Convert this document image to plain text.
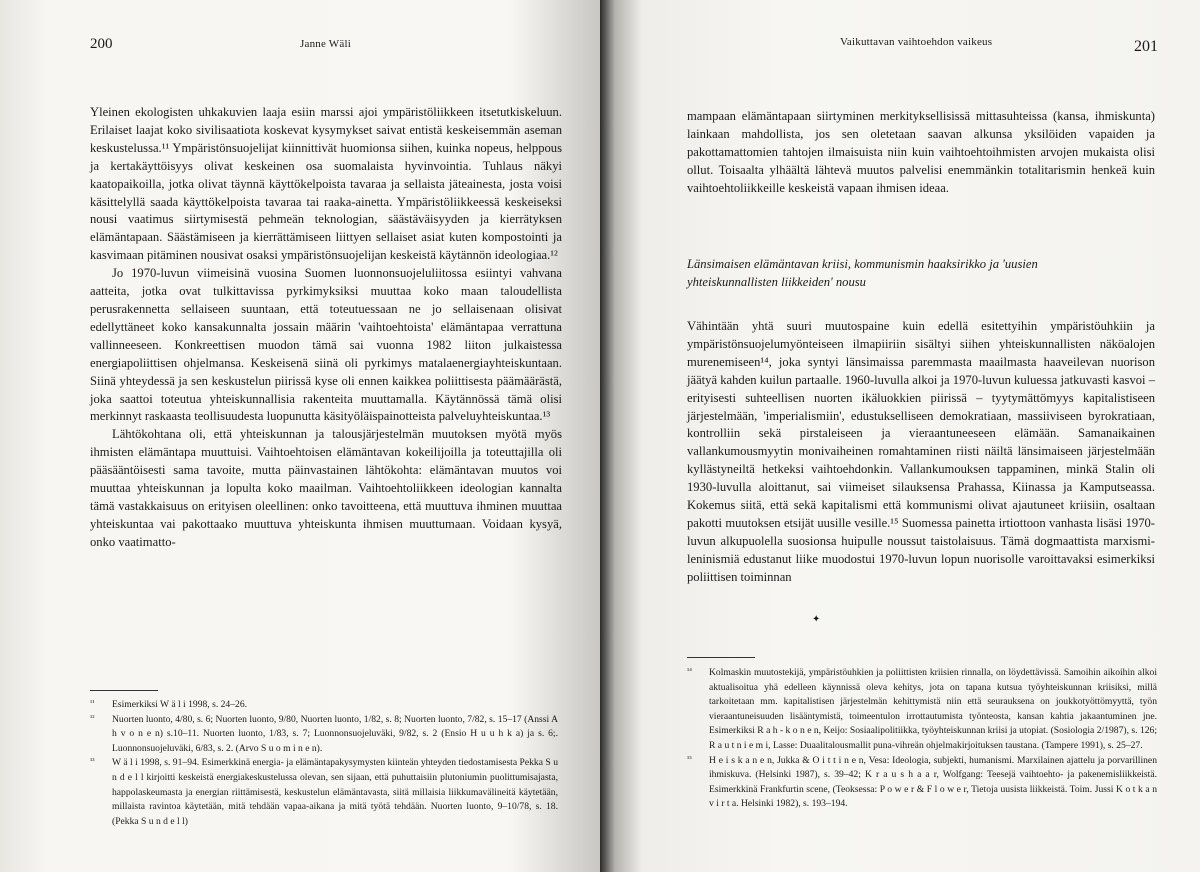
200	Janne Wäli

Yleinen ekologisten uhkakuvien laaja esiin marssi ajoi ympäristöliikkeen itsetutkiskeluun. Erilaiset laajat koko sivilisaatiota koskevat kysymykset saivat entistä keskeisemmän aseman keskustelussa.¹¹ Ympäristönsuojelijat kiinnittivät huomionsa siihen, kuinka nopeus, helppous ja kertakäyttöisyys olivat keskeinen osa suomalaista hyvinvointia. Tuhlaus näkyi kaatopaikoilla, jotka olivat täynnä käyttökelpoista tavaraa ja sellaista jäteainesta, josta voisi käsittelyllä saada käyttökelpoista tavaraa tai raaka-ainetta. Ympäristöliikkeessä keskeiseksi nousi vaatimus siirtymisestä pehmeän teknologian, säästäväisyyden ja kierrätyksen elämäntapaan. Säästämiseen ja kierrättämiseen liittyen sellaiset asiat kuten kompostointi ja kasvimaan pitäminen nousivat osaksi ympäristönsuojelijan keskeistä käytännön ideologiaa.¹²

Jo 1970-luvun viimeisinä vuosina Suomen luonnonsuojeluliitossa esiintyi vahvana aatteita, jotka ovat tulkittavissa pyrkimyksiksi muuttaa koko maan taloudellista perusrakennetta sellaiseen suuntaan, että toteutuessaan ne jo sellaisenaan olisivat edellyttäneet koko kansakunnalta jossain määrin 'vaihtoehtoista' elämäntapaa verrattuna vallinneeseen. Konkreettisen muodon tämä sai vuonna 1982 liiton julkaistessa energiapoliittisen ohjelmansa. Keskeisenä siinä oli pyrkimys matalaenergiayhteiskuntaan. Siinä yhteydessä ja sen keskustelun piirissä kyse oli ennen kaikkea poliittisesta päämäärästä, joka saattoi toteutua yhteiskunnallisia rakenteita muuttamalla. Käytännössä tämä olisi merkinnyt raskaasta teollisuudesta luopunutta käsityöläispainotteista palveluyhteiskuntaa.¹³

Lähtökohtana oli, että yhteiskunnan ja talousjärjestelmän muutoksen myötä myös ihmisten elämäntapa muuttuisi. Vaihtoehtoisen elämäntavan kokeilijoilla ja toteuttajilla oli pääsääntöisesti sama tavoite, mutta päinvastainen lähtökohta: elämäntavan muutos voi muuttaa yhteiskunnan ja lopulta koko maailman. Vaihtoehtoliikkeen ideologian kannalta tämä vastakkaisuus on erityisen oleellinen: onko tavoitteena, että muuttuva ihminen muuttaa yhteiskuntaa vai pakottaako muuttuva yhteiskunta ihmisen muuttumaan. Voidaan kysyä, onko vaatimatto-

¹¹	Esimerkiksi W ä l i 1998, s. 24–26.
¹²	Nuorten luonto, 4/80, s. 6; Nuorten luonto, 9/80, Nuorten luonto, 1/82, s. 8; Nuorten luonto, 7/82, s. 15–17 (Anssi A h v o n e n) s.10–11. Nuorten luonto, 1/83, s. 7; Luonnonsuojeluväki, 9/82, s. 2 (Ensio H u u h k a) ja s. 6;. Luonnonsuojeluväki, 6/83, s. 2. (Arvo S u o m i n e n).
¹³	W ä l i 1998, s. 91–94. Esimerkkinä energia- ja elämäntapakysymysten kiinteän yhteyden tiedostamisesta Pekka S u n d e l l kirjoitti keskeistä energiakeskustelussa olevan, sen sijaan, että puhuttaisiin plutoniumin puolittumisajasta, happolaskeumasta ja energian riittämisestä, keskustelun elämäntavasta, siitä millaisia liikkumavälineitä käytetään, millaista ravintoa käytetään, mitä tehdään vapaa-aikana ja mitä työtä tehdään. Nuorten luonto, 9–10/78, s. 18. (Pekka S u n d e l l)
Vaikuttavan vaihtoehdon vaikeus	201

mampaan elämäntapaan siirtyminen merkityksellisissä mittasuhteissa (kansa, ihmiskunta) lainkaan mahdollista, jos sen oletetaan saavan alkunsa yksilöiden vapaiden ja pakottamattomien tahtojen ilmaisuista niin kuin vaihtoehtoihmisten arvojen mukaista olisi ollut. Toisaalta ylhäältä lähtevä muutos palvelisi enemmänkin totalitarismin henkeä kuin vaihtoehtoliikkeille keskeistä vapaan ihmisen ideaa.

Länsimaisen elämäntavan kriisi, kommunismin haaksirikko ja 'uusien yhteiskunnallisten liikkeiden' nousu

Vähintään yhtä suuri muutospaine kuin edellä esitettyihin ympäristöuhkiin ja ympäristönsuojelumyönteiseen ilmapiiriin sisältyi siihen yhteiskunnallisten näköalojen murenemiseen¹⁴, joka syntyi länsimaissa paremmasta maailmasta haaveilevan nuorison jäätyä kahden kuilun partaalle. 1960-luvulla alkoi ja 1970-luvun kuluessa jatkuvasti kasvoi – erityisesti suhteellisen nuorten ikäluokkien piirissä – tyytymättömyys kapitalistiseen järjestelmään, 'imperialismiin', edustukselliseen demokratiaan, massiiviseen byrokratiaan, kontrolliin sekä pirstaleiseen ja vieraantuneeseen elämään. Samanaikainen vallankumousmyytin monivaiheinen romahtaminen riisti näiltä länsimaiseen järjestelmään kyllästyneiltä hetkeksi vaihtoehdonkin. Vallankumouksen tappaminen, minkä Stalin oli 1930-luvulla aloittanut, sai viimeiset silauksensa Prahassa, Kiinassa ja Kamputseassa. Kokemus siitä, että sekä kapitalismi että kommunismi olivat ajautuneet kriisiin, osaltaan pakotti muutoksen etsijät uusille vesille.¹⁵ Suomessa painetta irtiottoon vanhasta lisäsi 1970-luvun alkupuolella suosionsa huipulle noussut taistolaisuus. Tämä dogmaattista marxismi-leninismiä edustanut liike muodostui 1970-luvun lopun nuorisolle varoittavaksi esimerkiksi poliittisen toiminnan

✦
¹⁴	Kolmaskin muutostekijä, ympäristöuhkien ja poliittisten kriisien rinnalla, on löydettävissä. Samoihin aikoihin alkoi aktualisoitua yhä edelleen käynnissä oleva kehitys, jota on tapana kutsua työyhteiskunnan kriisiksi, millä tarkoitetaan mm. kapitalistisen järjestelmän kehittymistä niin että seurauksena on joukkotyöttömyyttä, työn vieraantuneisuuden lisääntymistä, toimeentulon irrottautumista työnteosta, kansan kahtia jakaantuminen jne. Esimerkiksi R a h - k o n e n, Keijo: Sosiaalipolitiikka, työyhteiskunnan kriisi ja utopiat. (Sosiologia 2/1987), s. 126; R a u t n i e m i, Lasse: Duaalitalousmallit puna-vihreän ohjelmakirjoituksen taustana. (Tampere 1991), s. 25–27.
¹⁵	H e i s k a n e n, Jukka & O i t t i n e n, Vesa: Ideologia, subjekti, humanismi. Marxilainen ajattelu ja porvarillinen ihmiskuva. (Helsinki 1987), s. 39–42; K r a u s h a a r, Wolfgang: Teesejä vaihtoehto- ja pakenemisliikkeistä. Esimerkkinä Frankfurtin scene, (Teoksessa: P o w e r & F l o w e r, Tietoja uusista liikkeistä. Toim. Jussi K o t k a n v i r t a. Helsinki 1982), s. 193–194.
